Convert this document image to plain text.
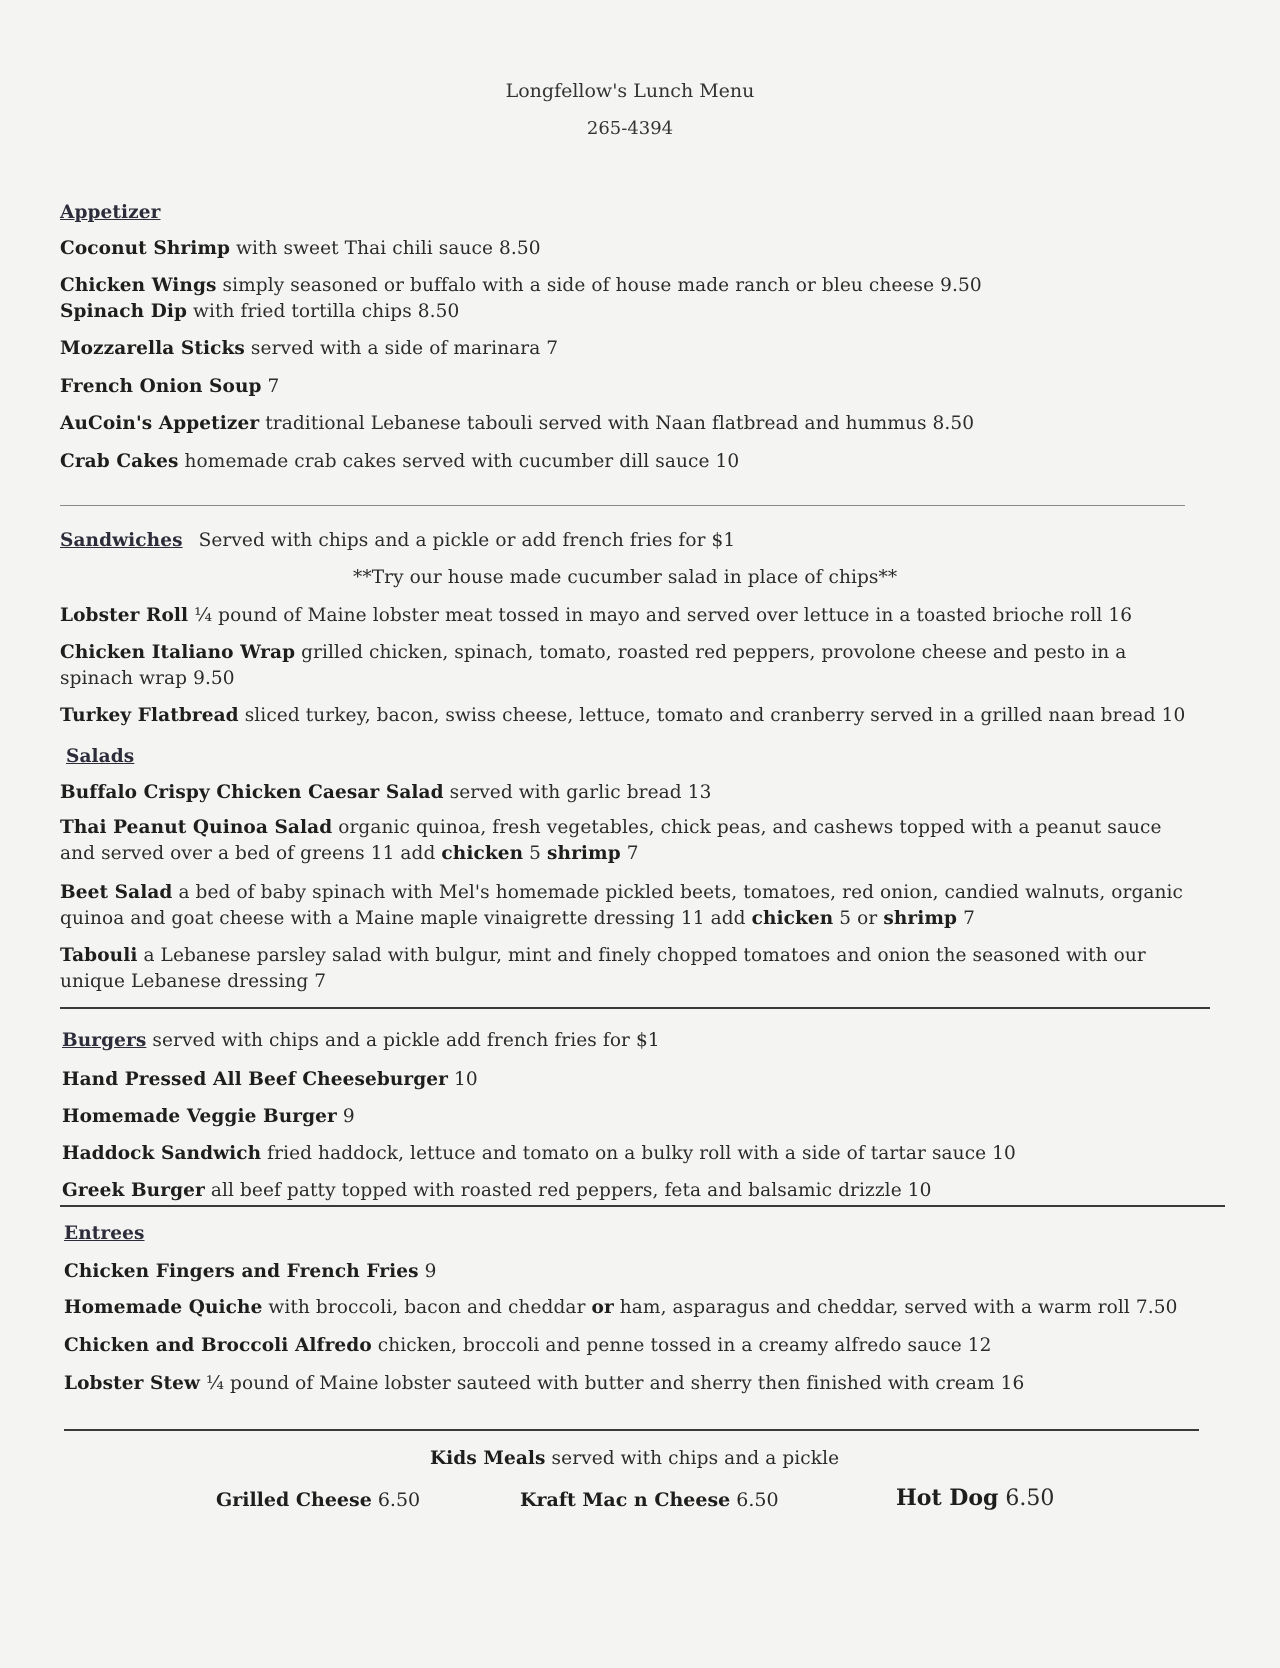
Longfellow's Lunch Menu
265-4394
Appetizer
Coconut Shrimp with sweet Thai chili sauce 8.50
Chicken Wings simply seasoned or buffalo with a side of house made ranch or bleu cheese 9.50
Spinach Dip with fried tortilla chips 8.50
Mozzarella Sticks served with a side of marinara 7
French Onion Soup 7
AuCoin's Appetizer traditional Lebanese tabouli served with Naan flatbread and hummus 8.50
Crab Cakes homemade crab cakes served with cucumber dill sauce 10
Sandwiches Served with chips and a pickle or add french fries for $1
**Try our house made cucumber salad in place of chips**
Lobster Roll ¼ pound of Maine lobster meat tossed in mayo and served over lettuce in a toasted brioche roll 16
Chicken Italiano Wrap grilled chicken, spinach, tomato, roasted red peppers, provolone cheese and pesto in a spinach wrap 9.50
Turkey Flatbread sliced turkey, bacon, swiss cheese, lettuce, tomato and cranberry served in a grilled naan bread 10
Salads
Buffalo Crispy Chicken Caesar Salad served with garlic bread 13
Thai Peanut Quinoa Salad organic quinoa, fresh vegetables, chick peas, and cashews topped with a peanut sauce and served over a bed of greens 11 add chicken 5 shrimp 7
Beet Salad a bed of baby spinach with Mel's homemade pickled beets, tomatoes, red onion, candied walnuts, organic quinoa and goat cheese with a Maine maple vinaigrette dressing 11 add chicken 5 or shrimp 7
Tabouli a Lebanese parsley salad with bulgur, mint and finely chopped tomatoes and onion the seasoned with our unique Lebanese dressing 7
Burgers served with chips and a pickle add french fries for $1
Hand Pressed All Beef Cheeseburger 10
Homemade Veggie Burger 9
Haddock Sandwich fried haddock, lettuce and tomato on a bulky roll with a side of tartar sauce 10
Greek Burger all beef patty topped with roasted red peppers, feta and balsamic drizzle 10
Entrees
Chicken Fingers and French Fries 9
Homemade Quiche with broccoli, bacon and cheddar or ham, asparagus and cheddar, served with a warm roll 7.50
Chicken and Broccoli Alfredo chicken, broccoli and penne tossed in a creamy alfredo sauce 12
Lobster Stew ¼ pound of Maine lobster sauteed with butter and sherry then finished with cream 16
Kids Meals served with chips and a pickle
Grilled Cheese 6.50	Kraft Mac n Cheese 6.50	Hot Dog 6.50
